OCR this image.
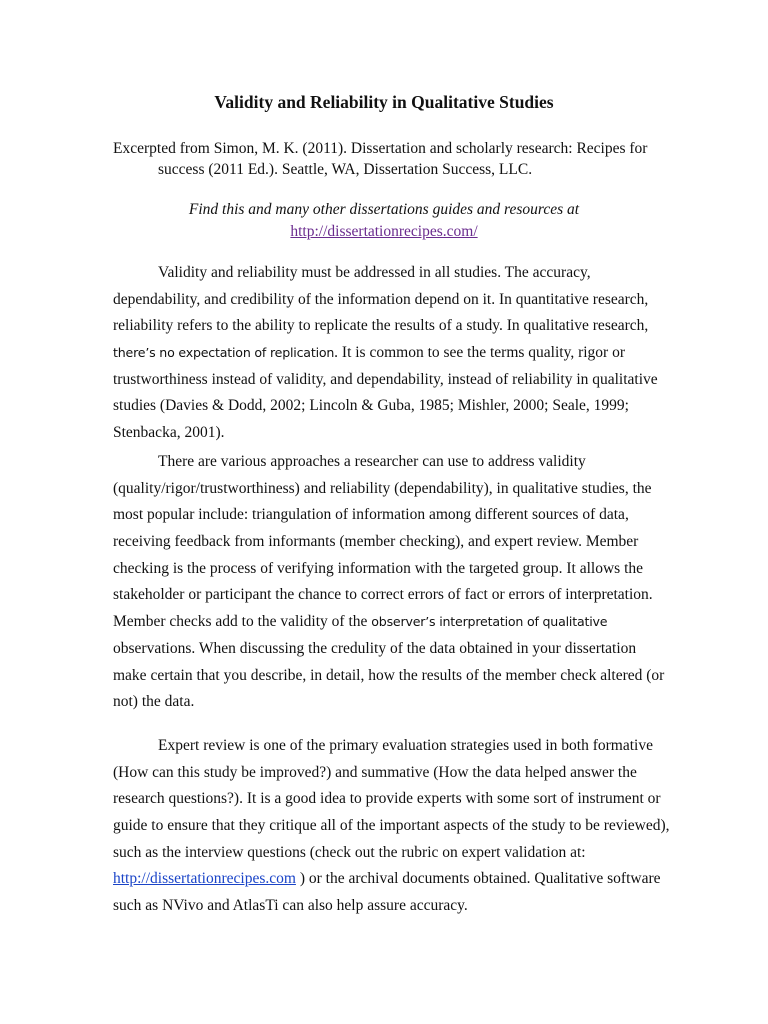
Validity and Reliability in Qualitative Studies
Excerpted from Simon, M. K. (2011). Dissertation and scholarly research: Recipes for
success (2011 Ed.). Seattle, WA, Dissertation Success, LLC.
Find this and many other dissertations guides and resources at
http://dissertationrecipes.com/
Validity and reliability must be addressed in all studies. The accuracy,
dependability, and credibility of the information depend on it. In quantitative research,
reliability refers to the ability to replicate the results of a study. In qualitative research,
there’s no expectation of replication. It is common to see the terms quality, rigor or
trustworthiness instead of validity, and dependability, instead of reliability in qualitative
studies (Davies & Dodd, 2002; Lincoln & Guba, 1985; Mishler, 2000; Seale, 1999;
Stenbacka, 2001).
There are various approaches a researcher can use to address validity
(quality/rigor/trustworthiness) and reliability (dependability), in qualitative studies, the
most popular include: triangulation of information among different sources of data,
receiving feedback from informants (member checking), and expert review. Member
checking is the process of verifying information with the targeted group. It allows the
stakeholder or participant the chance to correct errors of fact or errors of interpretation.
Member checks add to the validity of the observer’s interpretation of qualitative
observations. When discussing the credulity of the data obtained in your dissertation
make certain that you describe, in detail, how the results of the member check altered (or
not) the data.
Expert review is one of the primary evaluation strategies used in both formative
(How can this study be improved?) and summative (How the data helped answer the
research questions?). It is a good idea to provide experts with some sort of instrument or
guide to ensure that they critique all of the important aspects of the study to be reviewed),
such as the interview questions (check out the rubric on expert validation at:
http://dissertationrecipes.com ) or the archival documents obtained. Qualitative software
such as NVivo and AtlasTi can also help assure accuracy.
